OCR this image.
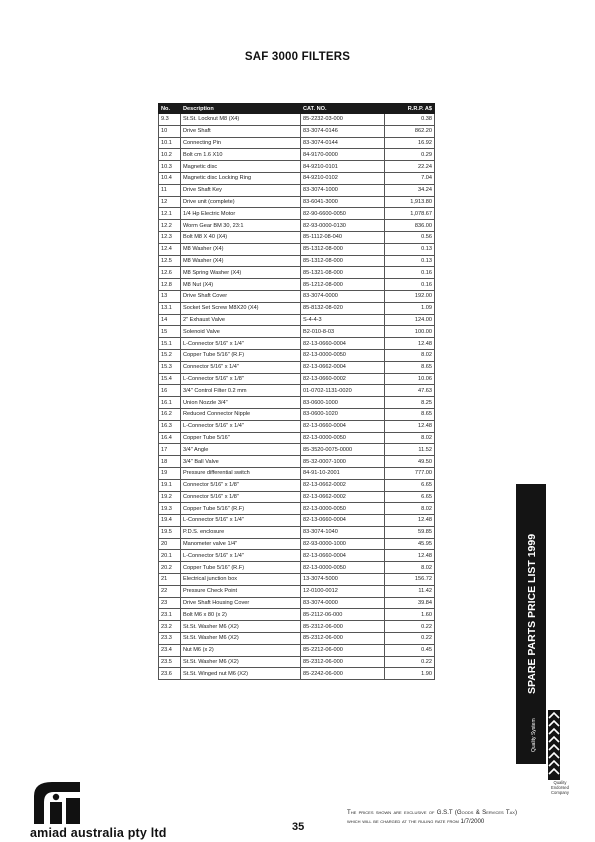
SAF 3000 FILTERS
No.	Description	CAT. NO.	R.R.P. A$
9.3	St.St. Locknut M8 (X4)	85-2232-03-000	0.38
10	Drive Shaft	83-3074-0146	862.20
10.1	Connecting Pin	83-3074-0144	16.92
10.2	Bolt cm 1.6 X10	84-9170-0000	0.29
10.3	Magnetic disc	84-9210-0101	22.24
10.4	Magnetic disc Locking Ring	84-9210-0102	7.04
11	Drive Shaft Key	83-3074-1000	34.24
12	Drive unit (complete)	83-6041-3000	1,913.80
12.1	1/4 Hp Electric Motor	82-90-6600-0050	1,078.67
12.2	Worm Gear BM 30, 23:1	82-93-0000-0130	836.00
12.3	Bolt M8 X 40 (X4)	85-1112-08-040	0.56
12.4	M8 Washer (X4)	85-1312-08-000	0.13
12.5	M8 Washer (X4)	85-1312-08-000	0.13
12.6	M8 Spring Washer (X4)	85-1321-08-000	0.16
12.8	M8 Nut (X4)	85-1212-08-000	0.16
13	Drive Shaft Cover	83-3074-0000	192.00
13.1	Socket Set Screw M8X20 (X4)	85-8132-08-020	1.09
14	2" Exhaust Valve	S-4-4-3	124.00
15	Solenoid Valve	B2-010-8-03	100.00
15.1	L-Connector 5/16" x 1/4"	82-13-0660-0004	12.48
15.2	Copper Tube 5/16" (R.F)	82-13-0000-0050	8.02
15.3	Connector 5/16" x 1/4"	82-13-0662-0004	8.65
15.4	L-Connector 5/16" x 1/8"	82-13-0660-0002	10.06
16	3/4" Control Filter 0.2 mm	01-0702-1131-0020	47.63
16.1	Union Nozzle 3/4"	83-0600-1000	8.25
16.2	Reduced Connector Nipple	83-0600-1020	8.65
16.3	L-Connector 5/16" x 1/4"	82-13-0660-0004	12.48
16.4	Copper Tube 5/16"	82-13-0000-0050	8.02
17	3/4" Angle	85-3520-0075-0000	11.52
18	3/4" Ball Valve	85-32-0007-1000	49.50
19	Pressure differential switch	84-91-10-2001	777.00
19.1	Connector 5/16" x 1/8"	82-13-0662-0002	6.65
19.2	Connector 5/16" x 1/8"	82-13-0662-0002	6.65
19.3	Copper Tube 5/16" (R.F)	82-13-0000-0050	8.02
19.4	L-Connector 5/16" x 1/4"	82-13-0660-0004	12.48
19.5	P.D.S. enclosure	83-3074-1040	59.85
20	Manometer valve 1/4"	82-93-0000-1000	45.95
20.1	L-Connector 5/16" x 1/4"	82-13-0660-0004	12.48
20.2	Copper Tube 5/16" (R.F)	82-13-0000-0050	8.02
21	Electrical junction box	13-3074-5000	156.72
22	Pressure Check Point	12-0100-0012	11.42
23	Drive Shaft Housing Cover	83-3074-0000	39.84
23.1	Bolt M6 x 80 (x 2)	85-2112-06-000	1.60
23.2	St.St. Washer M6 (X2)	85-2312-06-000	0.22
23.3	St.St. Washer M6 (X2)	85-2312-06-000	0.22
23.4	Nut M6 (x 2)	85-2212-06-000	0.45
23.5	St.St. Washer M6 (X2)	85-2312-06-000	0.22
23.6	St.St. Winged nut M6 (X2)	85-2242-06-000	1.90	SPARE PARTS PRICE LIST 1999
Quality System
Quality
Endorsed
Company
amiad australia pty ltd	35
The prices shown are exclusive of G.S.T (Goods & Services Tax) which will be charged at the ruling rate from 1/7/2000
